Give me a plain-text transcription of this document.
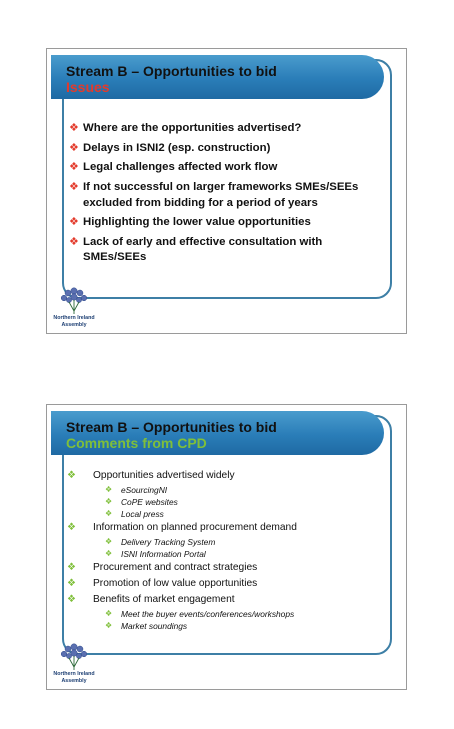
Stream B – Opportunities to bid
Issues
❖ Where are the opportunities advertised?
❖ Delays in ISNI2 (esp. construction)
❖ Legal challenges affected work flow
❖ If not successful on larger frameworks SMEs/SEEs excluded from bidding for a period of years
❖ Highlighting the lower value opportunities
❖ Lack of early and effective consultation with SMEs/SEEs
Northern Ireland
Assembly
Stream B – Opportunities to bid
Comments from CPD
❖	Opportunities advertised widely
❖	eSourcingNI
❖	CoPE websites
❖	Local press
❖	Information on planned procurement demand
❖	Delivery Tracking System
❖	ISNI Information Portal
❖	Procurement and contract strategies
❖	Promotion of low value opportunities
❖	Benefits of market engagement
❖	Meet the buyer events/conferences/workshops
❖	Market soundings
Northern Ireland
Assembly
